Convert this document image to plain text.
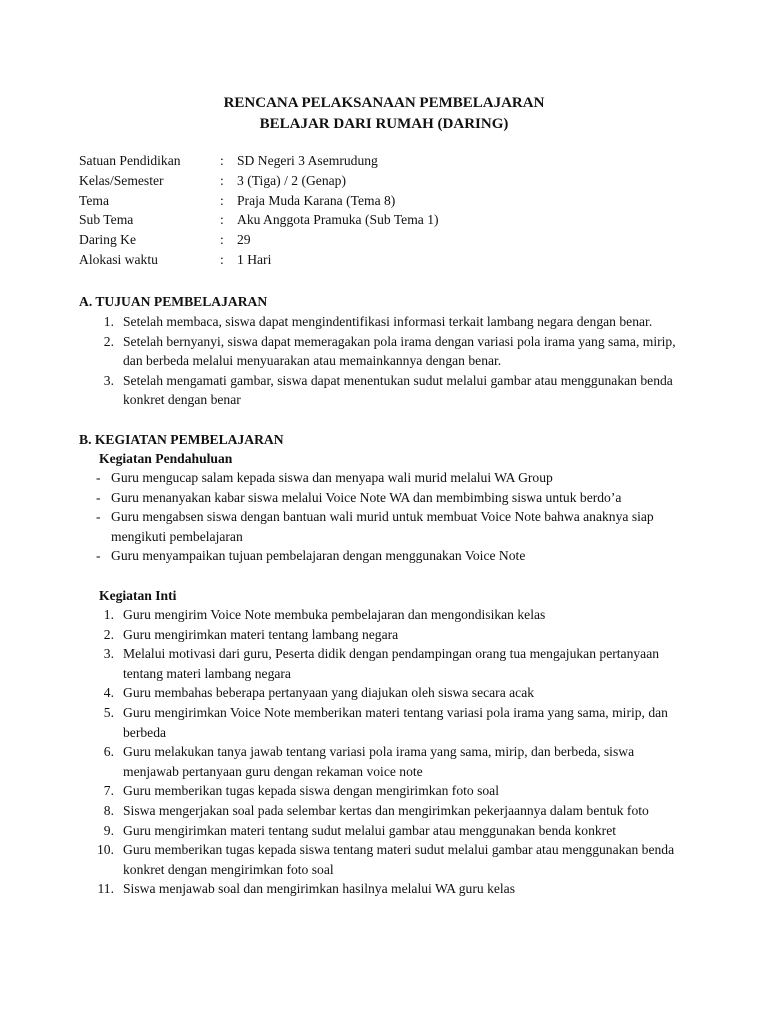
RENCANA PELAKSANAAN PEMBELAJARAN
BELAJAR DARI RUMAH (DARING)
Satuan Pendidikan	: SD Negeri 3 Asemrudung
Kelas/Semester	: 3 (Tiga) / 2 (Genap)
Tema	: Praja Muda Karana (Tema 8)
Sub Tema	: Aku Anggota Pramuka (Sub Tema 1)
Daring Ke	: 29
Alokasi waktu	: 1 Hari
A. TUJUAN PEMBELAJARAN
1. Setelah membaca, siswa dapat mengindentifikasi informasi terkait lambang negara dengan benar.
2. Setelah bernyanyi, siswa dapat memeragakan pola irama dengan variasi pola irama yang sama, mirip, dan berbeda melalui menyuarakan atau memainkannya dengan benar.
3. Setelah mengamati gambar, siswa dapat menentukan sudut melalui gambar atau menggunakan benda konkret dengan benar
B. KEGIATAN PEMBELAJARAN
Kegiatan Pendahuluan
- Guru mengucap salam kepada siswa dan menyapa wali murid melalui WA Group
- Guru menanyakan kabar siswa melalui Voice Note WA dan membimbing siswa untuk berdo’a
- Guru mengabsen siswa dengan bantuan wali murid untuk membuat Voice Note bahwa anaknya siap mengikuti pembelajaran
- Guru menyampaikan tujuan pembelajaran dengan menggunakan Voice Note
Kegiatan Inti
1. Guru mengirim Voice Note membuka pembelajaran dan mengondisikan kelas
2. Guru mengirimkan materi tentang lambang negara
3. Melalui motivasi dari guru, Peserta didik dengan pendampingan orang tua mengajukan pertanyaan tentang materi lambang negara
4. Guru membahas beberapa pertanyaan yang diajukan oleh siswa secara acak
5. Guru mengirimkan Voice Note memberikan materi tentang variasi pola irama yang sama, mirip, dan berbeda
6. Guru melakukan tanya jawab tentang variasi pola irama yang sama, mirip, dan berbeda, siswa menjawab pertanyaan guru dengan rekaman voice note
7. Guru memberikan tugas kepada siswa dengan mengirimkan foto soal
8. Siswa mengerjakan soal pada selembar kertas dan mengirimkan pekerjaannya dalam bentuk foto
9. Guru mengirimkan materi tentang sudut melalui gambar atau menggunakan benda konkret
10. Guru memberikan tugas kepada siswa tentang materi sudut melalui gambar atau menggunakan benda konkret dengan mengirimkan foto soal
11. Siswa menjawab soal dan mengirimkan hasilnya melalui WA guru kelas
